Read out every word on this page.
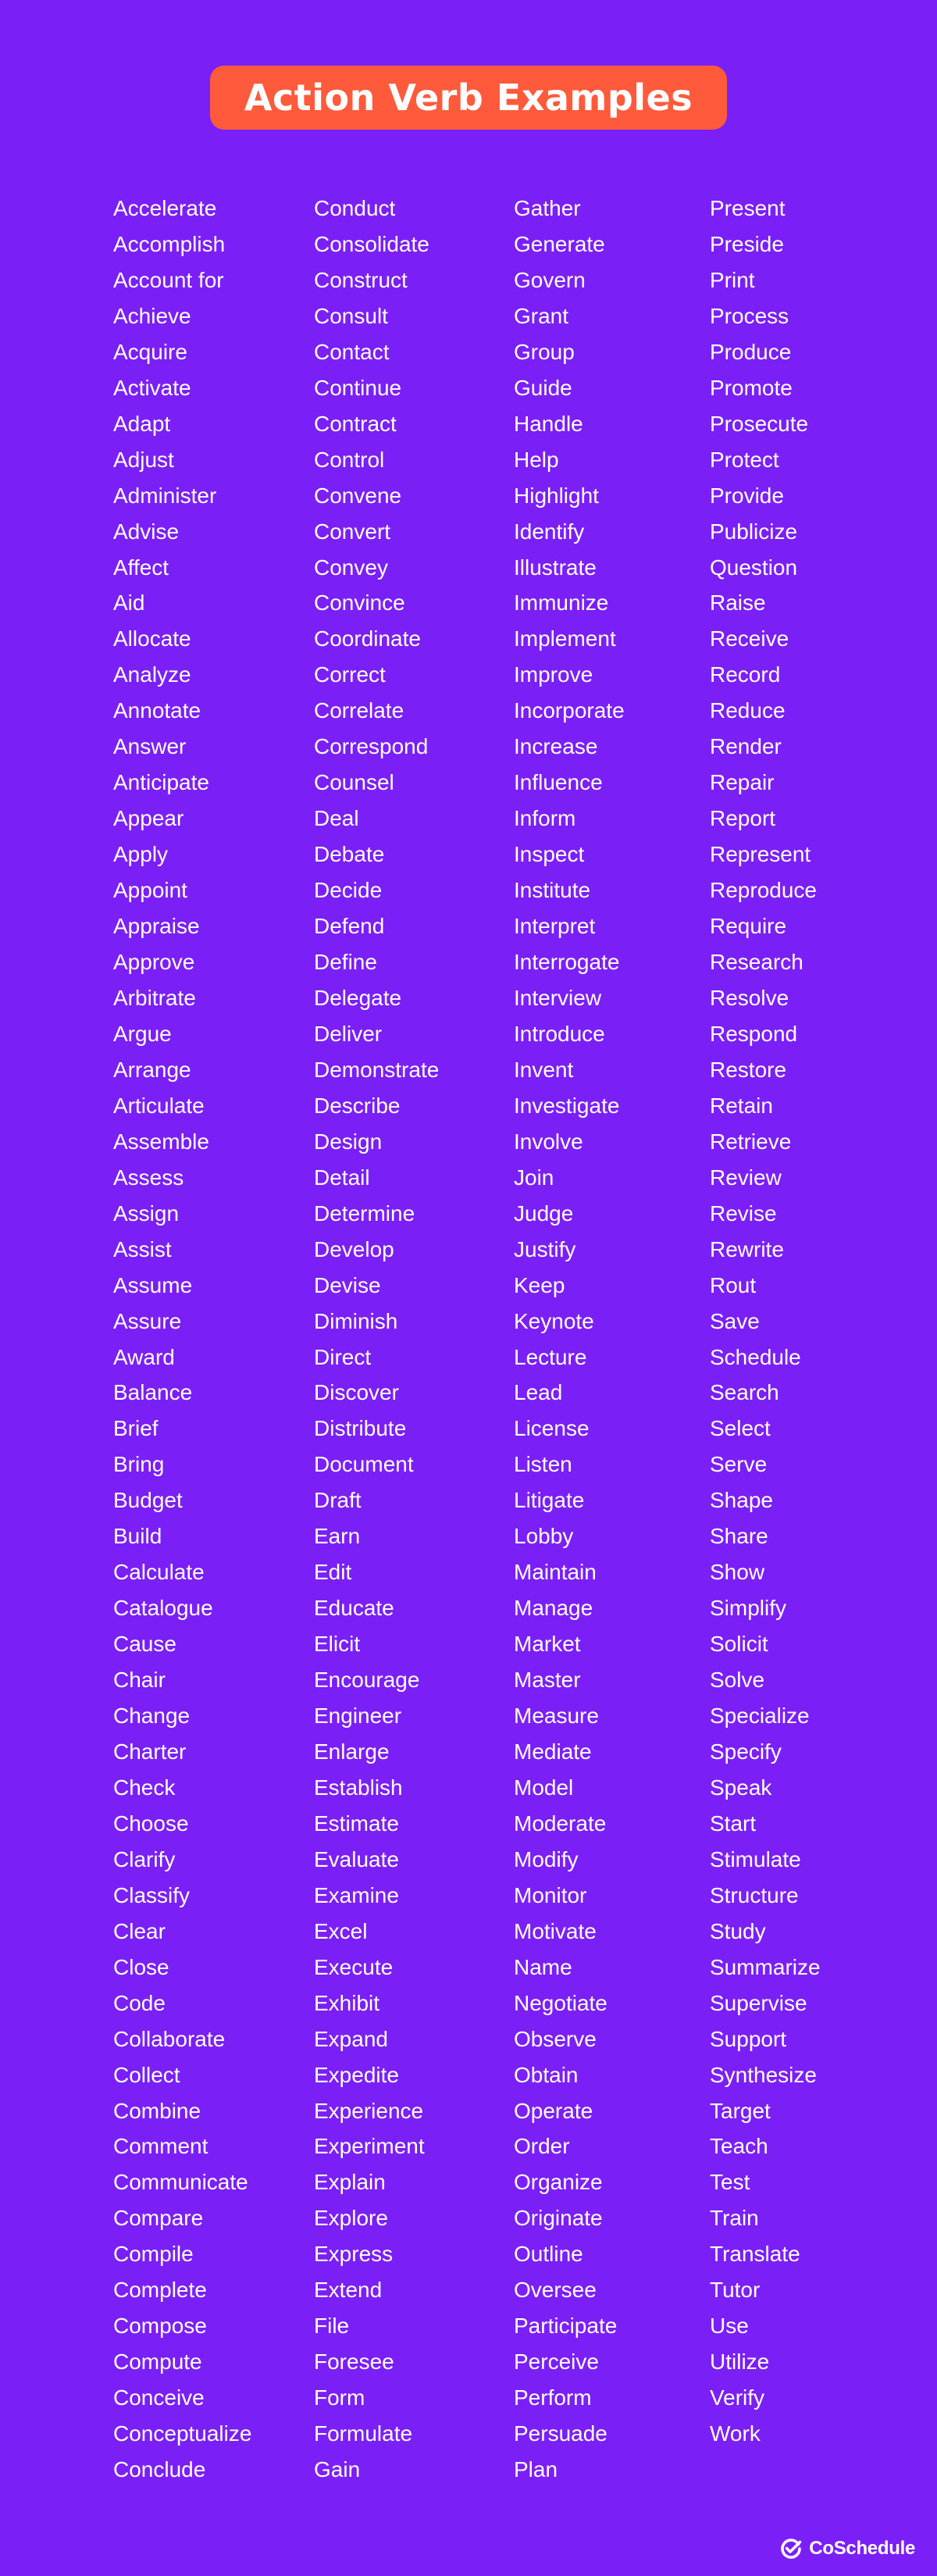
Action Verb Examples
Accelerate
Accomplish
Account for
Achieve
Acquire
Activate
Adapt
Adjust
Administer
Advise
Affect
Aid
Allocate
Analyze
Annotate
Answer
Anticipate
Appear
Apply
Appoint
Appraise
Approve
Arbitrate
Argue
Arrange
Articulate
Assemble
Assess
Assign
Assist
Assume
Assure
Award
Balance
Brief
Bring
Budget
Build
Calculate
Catalogue
Cause
Chair
Change
Charter
Check
Choose
Clarify
Classify
Clear
Close
Code
Collaborate
Collect
Combine
Comment
Communicate
Compare
Compile
Complete
Compose
Compute
Conceive
Conceptualize
Conclude
Conduct
Consolidate
Construct
Consult
Contact
Continue
Contract
Control
Convene
Convert
Convey
Convince
Coordinate
Correct
Correlate
Correspond
Counsel
Deal
Debate
Decide
Defend
Define
Delegate
Deliver
Demonstrate
Describe
Design
Detail
Determine
Develop
Devise
Diminish
Direct
Discover
Distribute
Document
Draft
Earn
Edit
Educate
Elicit
Encourage
Engineer
Enlarge
Establish
Estimate
Evaluate
Examine
Excel
Execute
Exhibit
Expand
Expedite
Experience
Experiment
Explain
Explore
Express
Extend
File
Foresee
Form
Formulate
Gain
Gather
Generate
Govern
Grant
Group
Guide
Handle
Help
Highlight
Identify
Illustrate
Immunize
Implement
Improve
Incorporate
Increase
Influence
Inform
Inspect
Institute
Interpret
Interrogate
Interview
Introduce
Invent
Investigate
Involve
Join
Judge
Justify
Keep
Keynote
Lecture
Lead
License
Listen
Litigate
Lobby
Maintain
Manage
Market
Master
Measure
Mediate
Model
Moderate
Modify
Monitor
Motivate
Name
Negotiate
Observe
Obtain
Operate
Order
Organize
Originate
Outline
Oversee
Participate
Perceive
Perform
Persuade
Plan
Present
Preside
Print
Process
Produce
Promote
Prosecute
Protect
Provide
Publicize
Question
Raise
Receive
Record
Reduce
Render
Repair
Report
Represent
Reproduce
Require
Research
Resolve
Respond
Restore
Retain
Retrieve
Review
Revise
Rewrite
Rout
Save
Schedule
Search
Select
Serve
Shape
Share
Show
Simplify
Solicit
Solve
Specialize
Specify
Speak
Start
Stimulate
Structure
Study
Summarize
Supervise
Support
Synthesize
Target
Teach
Test
Train
Translate
Tutor
Use
Utilize
Verify
Work
CoSchedule
